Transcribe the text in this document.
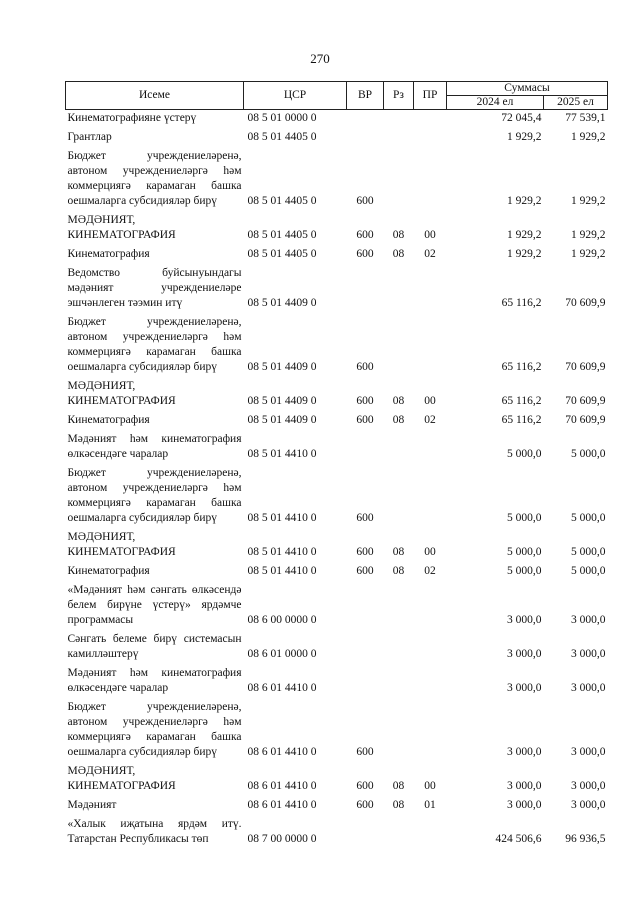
270
Исеме	ЦСР	ВР	Рз	ПР	Суммасы	
					2024 ел	2025 ел
Кинематографияне үстерү	08 5 01 0000 0				72 045,4	77 539,1
Грантлар	08 5 01 4405 0				1 929,2	1 929,2
Бюджет учреждениеләренә, автоном учреждениеләргә һәм коммерциягә карамаган башка оешмаларга субсидияләр бирү	08 5 01 4405 0	600			1 929,2	1 929,2
МӘДӘНИЯТ, КИНЕМАТОГРАФИЯ	08 5 01 4405 0	600	08	00	1 929,2	1 929,2
Кинематография	08 5 01 4405 0	600	08	02	1 929,2	1 929,2
Ведомство буйсынуындагы мәдәният учреждениеләре эшчәнлеген тәэмин итү	08 5 01 4409 0				65 116,2	70 609,9
Бюджет учреждениеләренә, автоном учреждениеләргә һәм коммерциягә карамаган башка оешмаларга субсидияләр бирү	08 5 01 4409 0	600			65 116,2	70 609,9
МӘДӘНИЯТ, КИНЕМАТОГРАФИЯ	08 5 01 4409 0	600	08	00	65 116,2	70 609,9
Кинематография	08 5 01 4409 0	600	08	02	65 116,2	70 609,9
Мәдәният һәм кинематография өлкәсендәге чаралар	08 5 01 4410 0				5 000,0	5 000,0
Бюджет учреждениеләренә, автоном учреждениеләргә һәм коммерциягә карамаган башка оешмаларга субсидияләр бирү	08 5 01 4410 0	600			5 000,0	5 000,0
МӘДӘНИЯТ, КИНЕМАТОГРАФИЯ	08 5 01 4410 0	600	08	00	5 000,0	5 000,0
Кинематография	08 5 01 4410 0	600	08	02	5 000,0	5 000,0
«Мәдәният һәм сәнгать өлкәсендә белем бирүне үстерү» ярдәмче программасы	08 6 00 0000 0				3 000,0	3 000,0
Сәнгать белеме бирү системасын камилләштерү	08 6 01 0000 0				3 000,0	3 000,0
Мәдәният һәм кинематография өлкәсендәге чаралар	08 6 01 4410 0				3 000,0	3 000,0
Бюджет учреждениеләренә, автоном учреждениеләргә һәм коммерциягә карамаган башка оешмаларга субсидияләр бирү	08 6 01 4410 0	600			3 000,0	3 000,0
МӘДӘНИЯТ, КИНЕМАТОГРАФИЯ	08 6 01 4410 0	600	08	00	3 000,0	3 000,0
Мәдәният	08 6 01 4410 0	600	08	01	3 000,0	3 000,0
«Халык иҗатына ярдәм итү. Татарстан Республикасы төп	08 7 00 0000 0				424 506,6	96 936,5
